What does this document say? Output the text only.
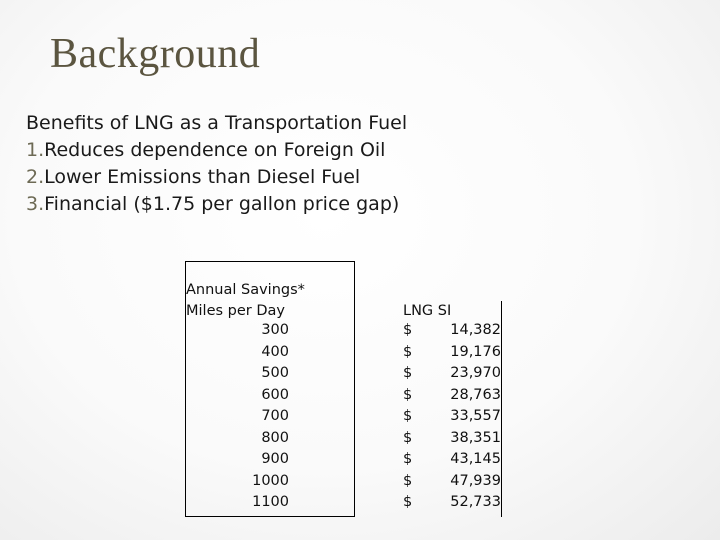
Background
Benefits of LNG as a Transportation Fuel
1.Reduces dependence on Foreign Oil
2.Lower Emissions than Diesel Fuel
3.Financial ($1.75 per gallon price gap)
Annual Savings*
Miles per Day	LNG SI
300
400
500
600
700
800
900
1000
1100
$
$
$
$
$
$
$
$
$
14,382
19,176
23,970
28,763
33,557
38,351
43,145
47,939
52,733
